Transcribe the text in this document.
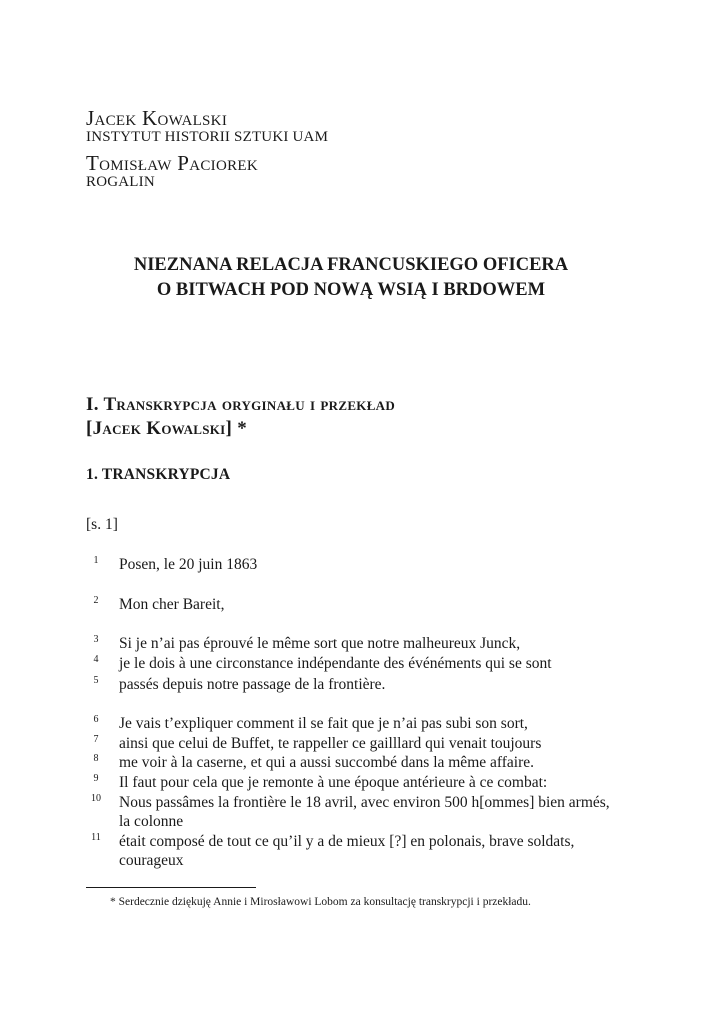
Jacek Kowalski
INSTYTUT HISTORII SZTUKI UAM
Tomisław Paciorek
ROGALIN
NIEZNANA RELACJA FRANCUSKIEGO OFICERA
O BITWACH POD NOWĄ WSIĄ I BRDOWEM
I. Transkrypcja oryginału i przekład
[Jacek Kowalski] *
1. TRANSKRYPCJA
[s. 1]
1	Posen, le 20 juin 1863
2	Mon cher Bareit,
3	Si je n’ai pas éprouvé le même sort que notre malheureux Junck,
4	je le dois à une circonstance indépendante des événéments qui se sont
5	passés depuis notre passage de la frontière.
6	Je vais t’expliquer comment il se fait que je n’ai pas subi son sort,
7	ainsi que celui de Buffet, te rappeller ce gailllard qui venait toujours
8	me voir à la caserne, et qui a aussi succombé dans la même affaire.
9	Il faut pour cela que je remonte à une époque antérieure à ce combat:
10	Nous passâmes la frontière le 18 avril, avec environ 500 h[ommes] bien armés, la colonne
11	était composé de tout ce qu’il y a de mieux [?] en polonais, brave soldats, courageux
* Serdecznie dziękuję Annie i Mirosławowi Lobom za konsultację transkrypcji i przekładu.
